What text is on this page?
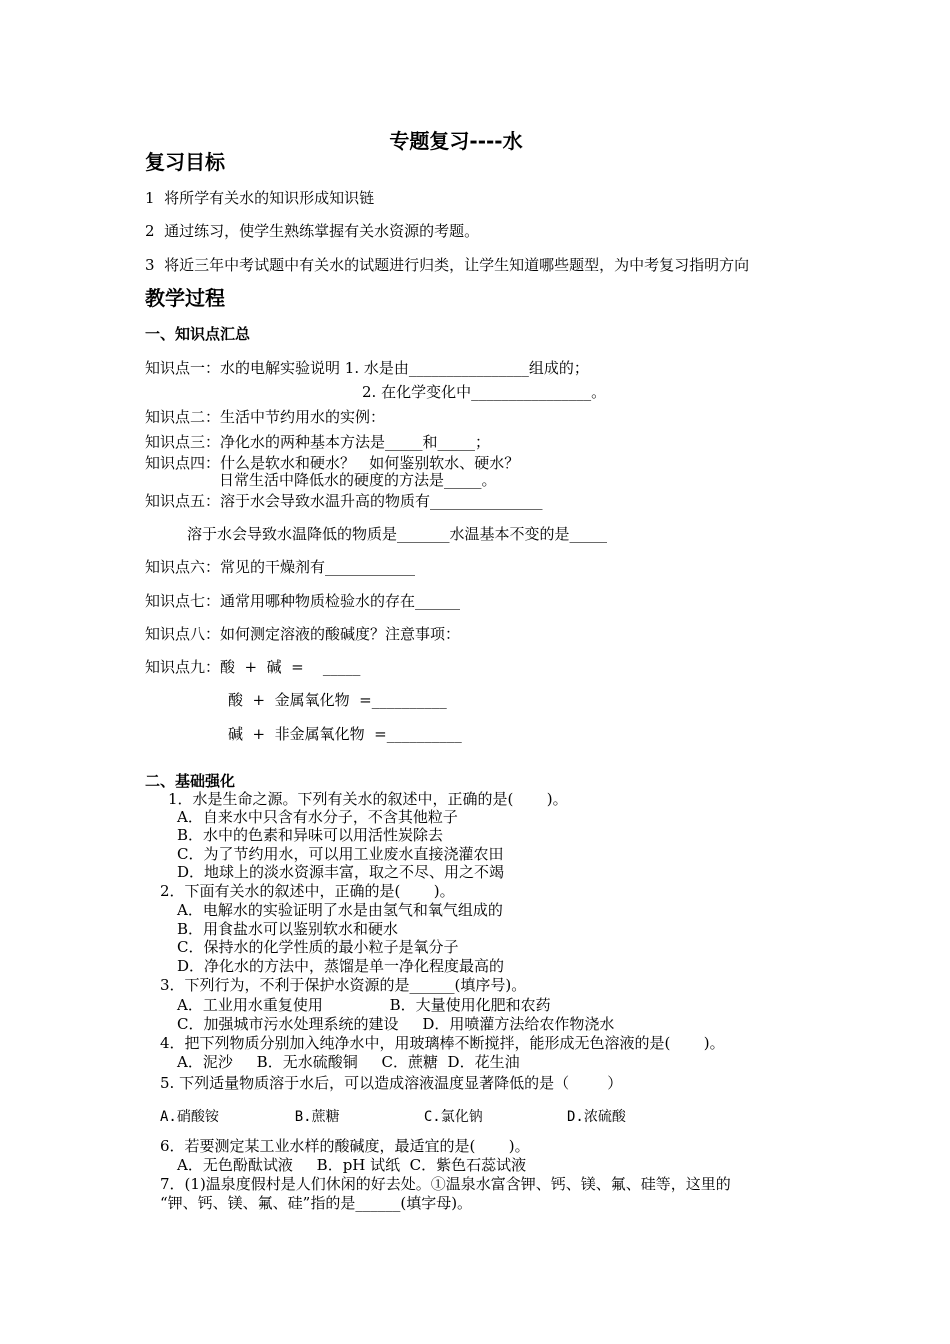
专题复习----水
复习目标
1  将所学有关水的知识形成知识链
2  通过练习，使学生熟练掌握有关水资源的考题。
3  将近三年中考试题中有关水的试题进行归类，让学生知道哪些题型，为中考复习指明方向
教学过程
一、知识点汇总
知识点一：水的电解实验说明 1. 水是由________________组成的；
2. 在化学变化中________________。
知识点二：生活中节约用水的实例：
知识点三：净化水的两种基本方法是_____和_____；
知识点四：什么是软水和硬水？   如何鉴别软水、硬水？
日常生活中降低水的硬度的方法是_____。
知识点五：溶于水会导致水温升高的物质有_______________
溶于水会导致水温降低的物质是_______水温基本不变的是_____
知识点六：常见的干燥剂有____________
知识点七：通常用哪种物质检验水的存在______
知识点八：如何测定溶液的酸碱度？注意事项：
知识点九：酸  +  碱  =    _____
酸  +  金属氧化物  =__________
碱  +  非金属氧化物  =__________
二、基础强化
1．水是生命之源。下列有关水的叙述中，正确的是(       )。
A．自来水中只含有水分子，不含其他粒子
B．水中的色素和异味可以用活性炭除去
C．为了节约用水，可以用工业废水直接浇灌农田
D．地球上的淡水资源丰富，取之不尽、用之不竭
2．下面有关水的叙述中，正确的是(       )。
A．电解水的实验证明了水是由氢气和氧气组成的
B．用食盐水可以鉴别软水和硬水
C．保持水的化学性质的最小粒子是氧分子
D．净化水的方法中，蒸馏是单一净化程度最高的
3．下列行为，不利于保护水资源的是______(填序号)。
A．工业用水重复使用              B．大量使用化肥和农药
C．加强城市污水处理系统的建设     D．用喷灌方法给农作物浇水
4．把下列物质分别加入纯净水中，用玻璃棒不断搅拌，能形成无色溶液的是(       )。
A．泥沙     B．无水硫酸铜     C．蔗糖  D．花生油
5. 下列适量物质溶于水后，可以造成溶液温度显著降低的是（        ）
A.硝酸铵         B.蔗糖          C.氯化钠          D.浓硫酸
6．若要测定某工业水样的酸碱度，最适宜的是(       )。
A．无色酚酞试液     B．pH 试纸  C．紫色石蕊试液
7．(1)温泉度假村是人们休闲的好去处。①温泉水富含钾、钙、镁、氟、硅等，这里的
“钾、钙、镁、氟、硅”指的是______(填字母)。
